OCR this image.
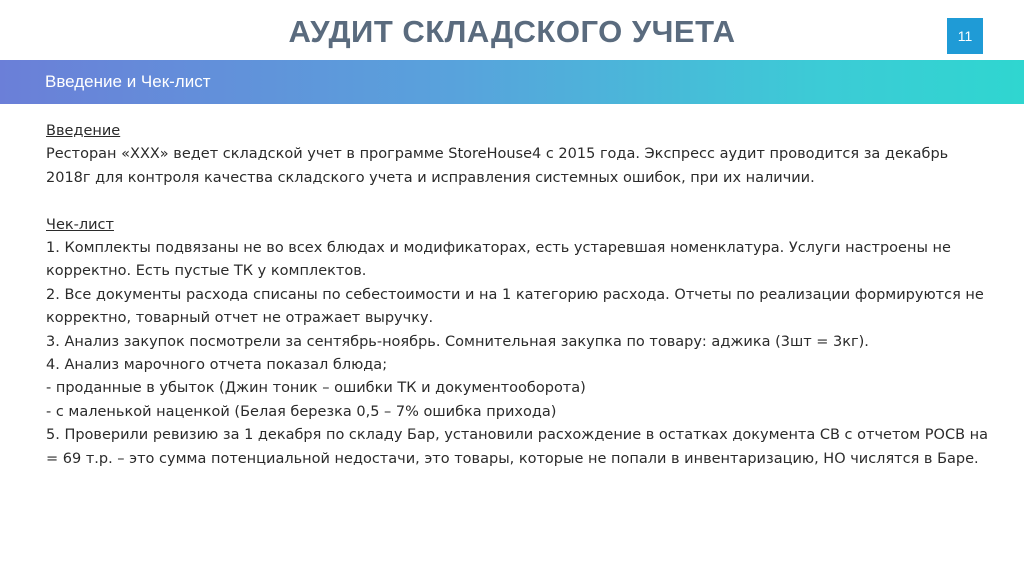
АУДИТ СКЛАДСКОГО УЧЕТА	11
Введение и Чек-лист

Введение

Ресторан «ХХХ» ведет складской учет в программе StoreHouse4 с 2015 года. Экспресс аудит проводится за декабрь 2018г для контроля качества складского учета и исправления системных ошибок, при их наличии.

Чек-лист

1. Комплекты подвязаны не во всех блюдах и модификаторах, есть устаревшая номенклатура. Услуги настроены не корректно. Есть пустые ТК у комплектов.

2. Все документы расхода списаны по себестоимости и на 1 категорию расхода. Отчеты по реализации формируются не корректно, товарный отчет не отражает выручку.

3. Анализ закупок посмотрели за сентябрь-ноябрь. Сомнительная закупка по товару: аджика (3шт = 3кг).

4. Анализ марочного отчета показал блюда;

- проданные в убыток (Джин тоник – ошибки ТК и документооборота)

- с маленькой наценкой (Белая березка 0,5 – 7% ошибка прихода)

5. Проверили ревизию за 1 декабря по складу Бар, установили расхождение в остатках документа СВ с отчетом РОСВ на = 69 т.р. – это сумма потенциальной недостачи, это товары, которые не попали в инвентаризацию, НО числятся в Баре.
